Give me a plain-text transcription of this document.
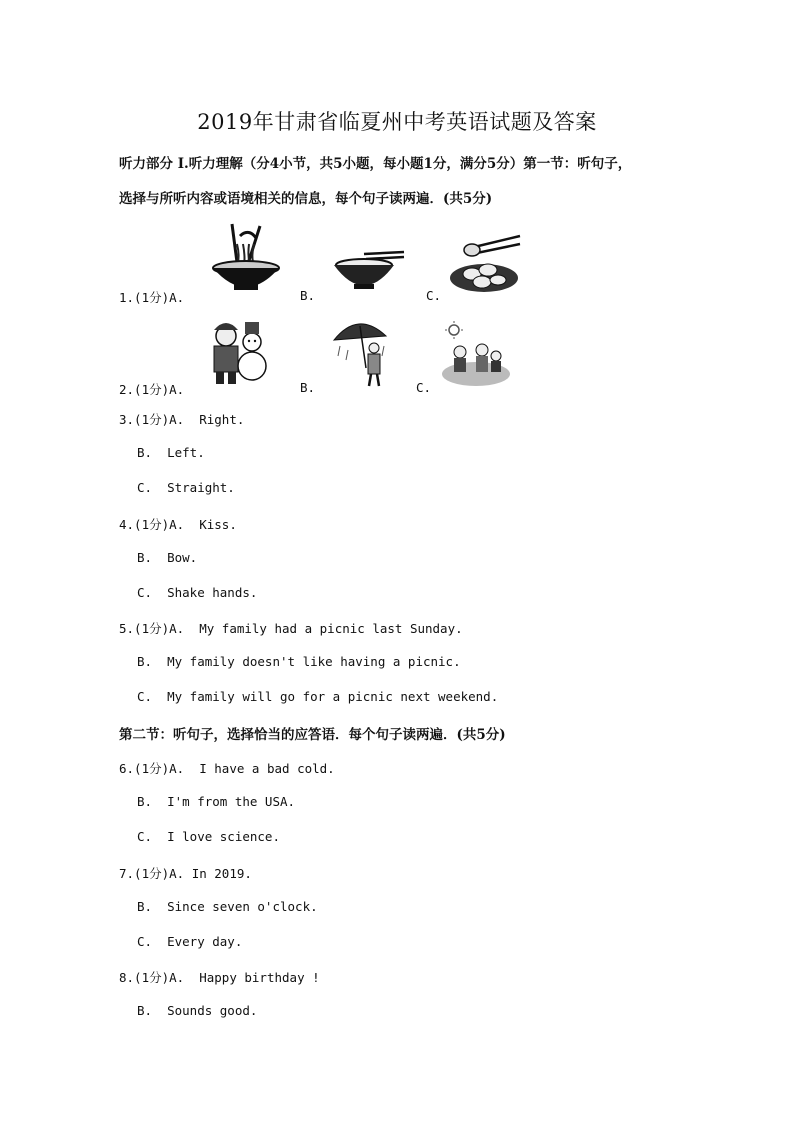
2019年甘肃省临夏州中考英语试题及答案
听力部分 I.听力理解（分4小节，共5小题，每小题1分，满分5分）第一节：听句子，
选择与所听内容或语境相关的信息，每个句子读两遍．(共5分)
1.(1分)A.	B.	C.
2.(1分)A.	B.	C.
3.(1分)A.  Right.
B.  Left.
C.  Straight.
4.(1分)A.  Kiss.
B.  Bow.
C.  Shake hands.
5.(1分)A.  My family had a picnic last Sunday.
B.  My family doesn't like having a picnic.
C.  My family will go for a picnic next weekend.
第二节：听句子，选择恰当的应答语．每个句子读两遍．(共5分)
6.(1分)A.  I have a bad cold.
B.  I'm from the USA.
C.  I love science.
7.(1分)A. In 2019.
B.  Since seven o'clock.
C.  Every day.
8.(1分)A.  Happy birthday !
B.  Sounds good.
